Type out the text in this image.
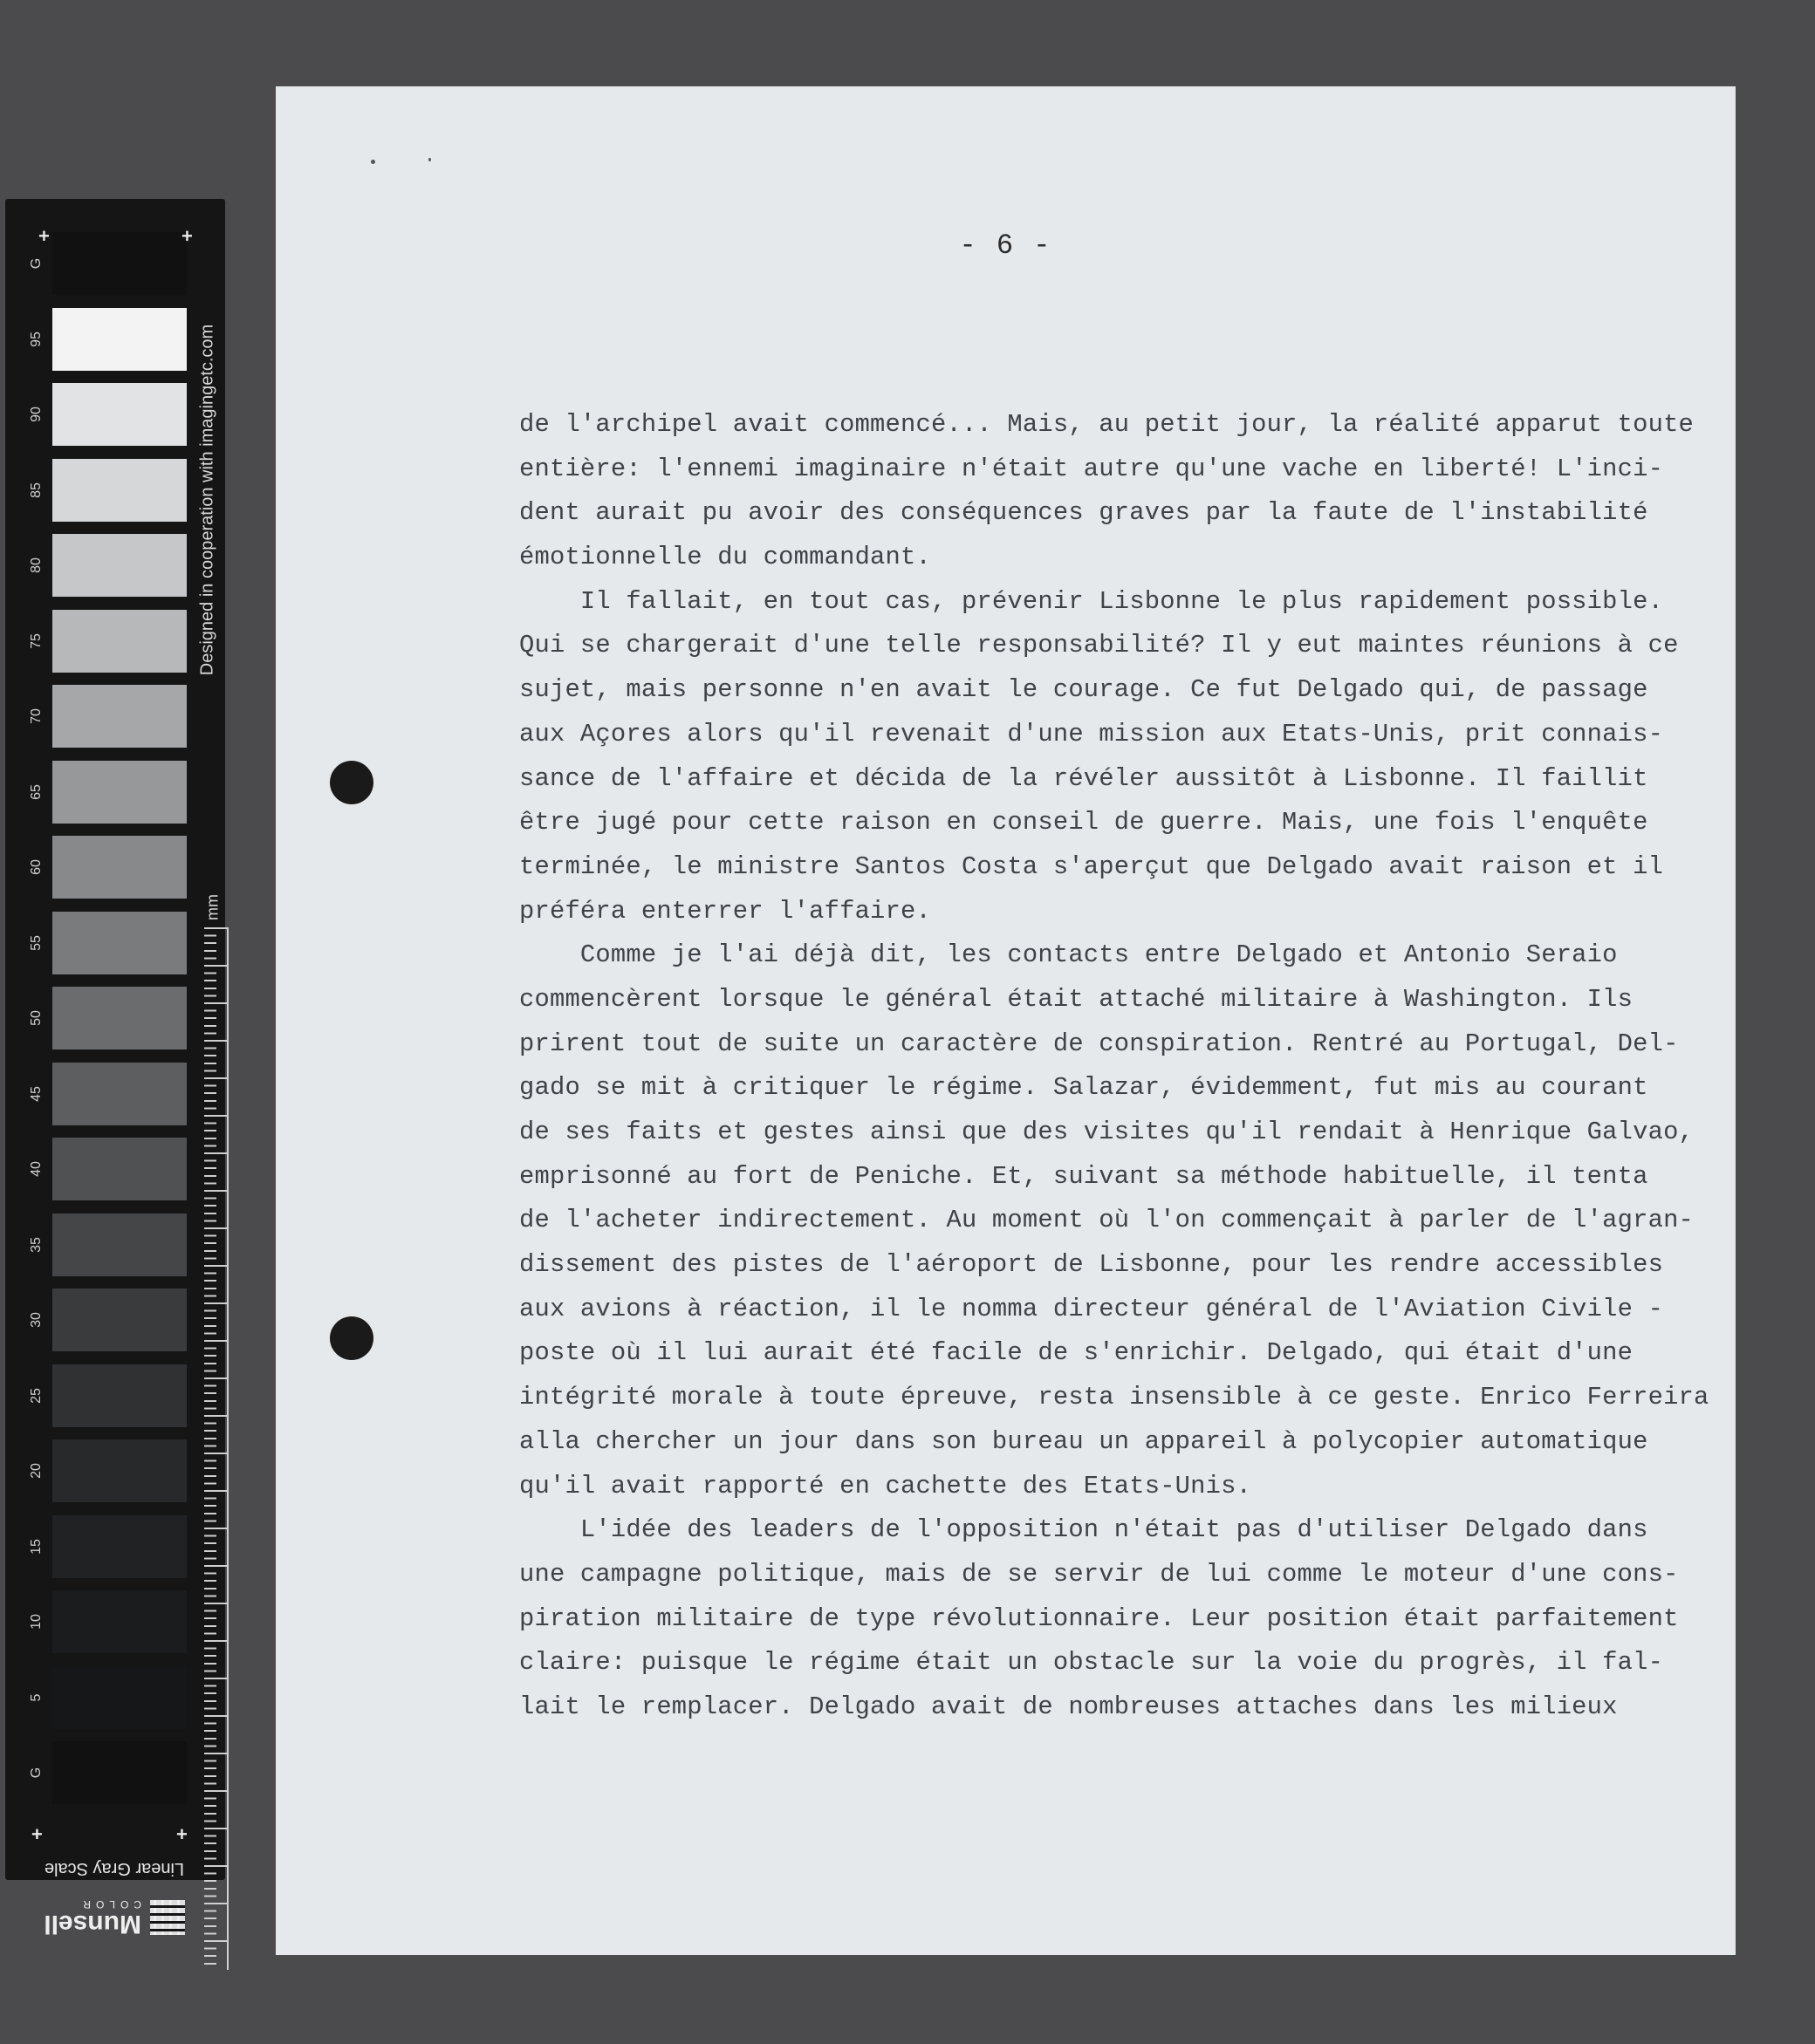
Designed in cooperation with imagingetc.com
mm
G
95
90
85
80
75
70
65
60
55
50
45
40
35
30
25
20
15
10
5
G
+	+
+	+
Linear Gray Scale
Munsell
COLOR
- 6 -
de l'archipel avait commencé... Mais, au petit jour, la réalité apparut toute
entière: l'ennemi imaginaire n'était autre qu'une vache en liberté! L'inci-
dent aurait pu avoir des conséquences graves par la faute de l'instabilité
émotionnelle du commandant.
Il fallait, en tout cas, prévenir Lisbonne le plus rapidement possible.
Qui se chargerait d'une telle responsabilité? Il y eut maintes réunions à ce
sujet, mais personne n'en avait le courage. Ce fut Delgado qui, de passage
aux Açores alors qu'il revenait d'une mission aux Etats-Unis, prit connais-
sance de l'affaire et décida de la révéler aussitôt à Lisbonne. Il faillit
être jugé pour cette raison en conseil de guerre. Mais, une fois l'enquête
terminée, le ministre Santos Costa s'aperçut que Delgado avait raison et il
préféra enterrer l'affaire.
Comme je l'ai déjà dit, les contacts entre Delgado et Antonio Seraio
commencèrent lorsque le général était attaché militaire à Washington. Ils
prirent tout de suite un caractère de conspiration. Rentré au Portugal, Del-
gado se mit à critiquer le régime. Salazar, évidemment, fut mis au courant
de ses faits et gestes ainsi que des visites qu'il rendait à Henrique Galvao,
emprisonné au fort de Peniche. Et, suivant sa méthode habituelle, il tenta
de l'acheter indirectement. Au moment où l'on commençait à parler de l'agran-
dissement des pistes de l'aéroport de Lisbonne, pour les rendre accessibles
aux avions à réaction, il le nomma directeur général de l'Aviation Civile -
poste où il lui aurait été facile de s'enrichir. Delgado, qui était d'une
intégrité morale à toute épreuve, resta insensible à ce geste. Enrico Ferreira
alla chercher un jour dans son bureau un appareil à polycopier automatique
qu'il avait rapporté en cachette des Etats-Unis.
L'idée des leaders de l'opposition n'était pas d'utiliser Delgado dans
une campagne politique, mais de se servir de lui comme le moteur d'une cons-
piration militaire de type révolutionnaire. Leur position était parfaitement
claire: puisque le régime était un obstacle sur la voie du progrès, il fal-
lait le remplacer. Delgado avait de nombreuses attaches dans les milieux
